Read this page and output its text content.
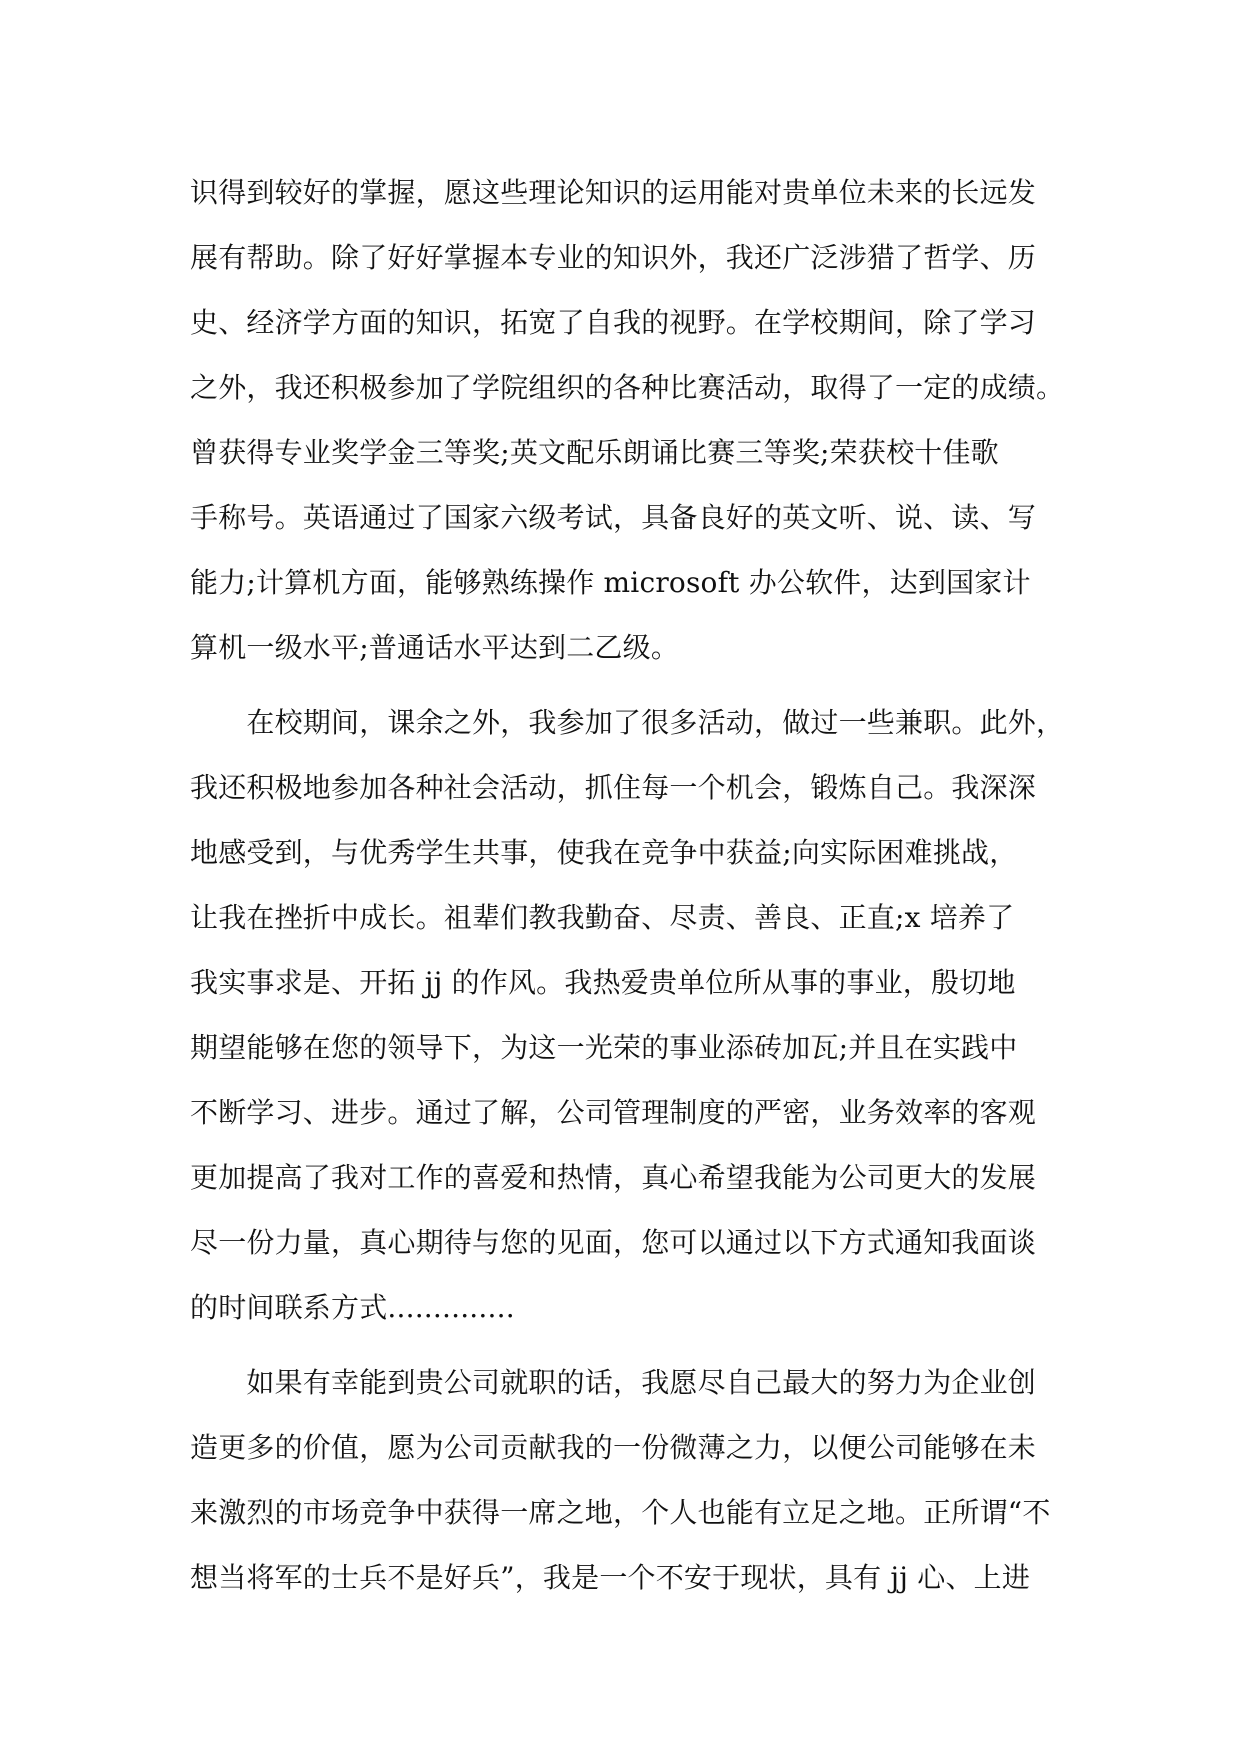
识得到较好的掌握，愿这些理论知识的运用能对贵单位未来的长远发
展有帮助。除了好好掌握本专业的知识外，我还广泛涉猎了哲学、历
史、经济学方面的知识，拓宽了自我的视野。在学校期间，除了学习
之外，我还积极参加了学院组织的各种比赛活动，取得了一定的成绩。
曾获得专业奖学金三等奖;英文配乐朗诵比赛三等奖;荣获校十佳歌
手称号。英语通过了国家六级考试，具备良好的英文听、说、读、写
能力;计算机方面，能够熟练操作 microsoft 办公软件，达到国家计
算机一级水平;普通话水平达到二乙级。
　　在校期间，课余之外，我参加了很多活动，做过一些兼职。此外，
我还积极地参加各种社会活动，抓住每一个机会，锻炼自己。我深深
地感受到，与优秀学生共事，使我在竞争中获益;向实际困难挑战，
让我在挫折中成长。祖辈们教我勤奋、尽责、善良、正直;x 培养了
我实事求是、开拓 jj 的作风。我热爱贵单位所从事的事业，殷切地
期望能够在您的领导下，为这一光荣的事业添砖加瓦;并且在实践中
不断学习、进步。通过了解，公司管理制度的严密，业务效率的客观
更加提高了我对工作的喜爱和热情，真心希望我能为公司更大的发展
尽一份力量，真心期待与您的见面，您可以通过以下方式通知我面谈
的时间联系方式..............
　　如果有幸能到贵公司就职的话，我愿尽自己最大的努力为企业创
造更多的价值，愿为公司贡献我的一份微薄之力，以便公司能够在未
来激烈的市场竞争中获得一席之地，个人也能有立足之地。正所谓“不
想当将军的士兵不是好兵”，我是一个不安于现状，具有 jj 心、上进
